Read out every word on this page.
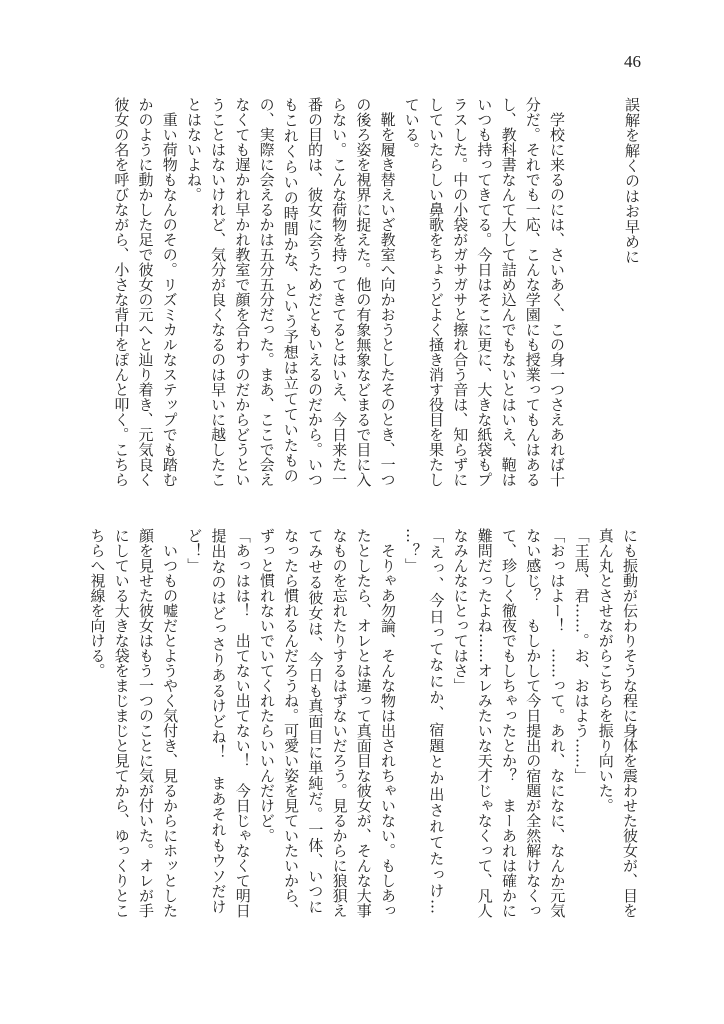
46
誤解を解くのはお早めに
　学校に来るのには、さいあく、この身一つさえあれば十
分だ。それでも一応、こんな学園にも授業ってもんはある
し、教科書なんて大して詰め込んでもないとはいえ、鞄は
いつも持ってきてる。今日はそこに更に、大きな紙袋もプ
ラスした。中の小袋がガサガサと擦れ合う音は、知らずに
していたらしい鼻歌をちょうどよく掻き消す役目を果たし
ている。
　靴を履き替えいざ教室へ向かおうとしたそのとき、一つ
の後ろ姿を視界に捉えた。他の有象無象などまるで目に入
らない。こんな荷物を持ってきてるとはいえ、今日来た一
番の目的は、彼女に会うためだともいえるのだから。いつ
もこれくらいの時間かな、という予想は立てていたもの
の、実際に会えるかは五分五分だった。まあ、ここで会え
なくても遅かれ早かれ教室で顔を合わすのだからどうとい
うことはないけれど、気分が良くなるのは早いに越したこ
とはないよね。
　重い荷物もなんのその。リズミカルなステップでも踏む
かのように動かした足で彼女の元へと辿り着き、元気良く
彼女の名を呼びながら、小さな背中をぽんと叩く。こちら
にも振動が伝わりそうな程に身体を震わせた彼女が、目を
真ん丸とさせながらこちらを振り向いた。
「王馬、君……。お、おはよう……」
「おっはよー！　……って。あれ、なになに、なんか元気
ない感じ？　もしかして今日提出の宿題が全然解けなくっ
て、珍しく徹夜でもしちゃったとか？　まーあれは確かに
難問だったよね……オレみたいな天才じゃなくって、凡人
なみんなにとってはさ」
「えっ、今日ってなにか、宿題とか出されてたっけ…
…？」
　そりゃあ勿論、そんな物は出されちゃいない。もしあっ
たとしたら、オレとは違って真面目な彼女が、そんな大事
なものを忘れたりするはずないだろう。見るからに狼狽え
てみせる彼女は、今日も真面目に単純だ。一体、いつに
なったら慣れるんだろうね。可愛い姿を見ていたいから、
ずっと慣れないでいてくれたらいいんだけど。
「あっはは！　出てない出てない！　今日じゃなくて明日
提出なのはどっさりあるけどね！　まあそれもウソだけ
ど！」
　いつもの嘘だとようやく気付き、見るからにホッとした
顔を見せた彼女はもう一つのことに気が付いた。オレが手
にしている大きな袋をまじまじと見てから、ゆっくりとこ
ちらへ視線を向ける。
